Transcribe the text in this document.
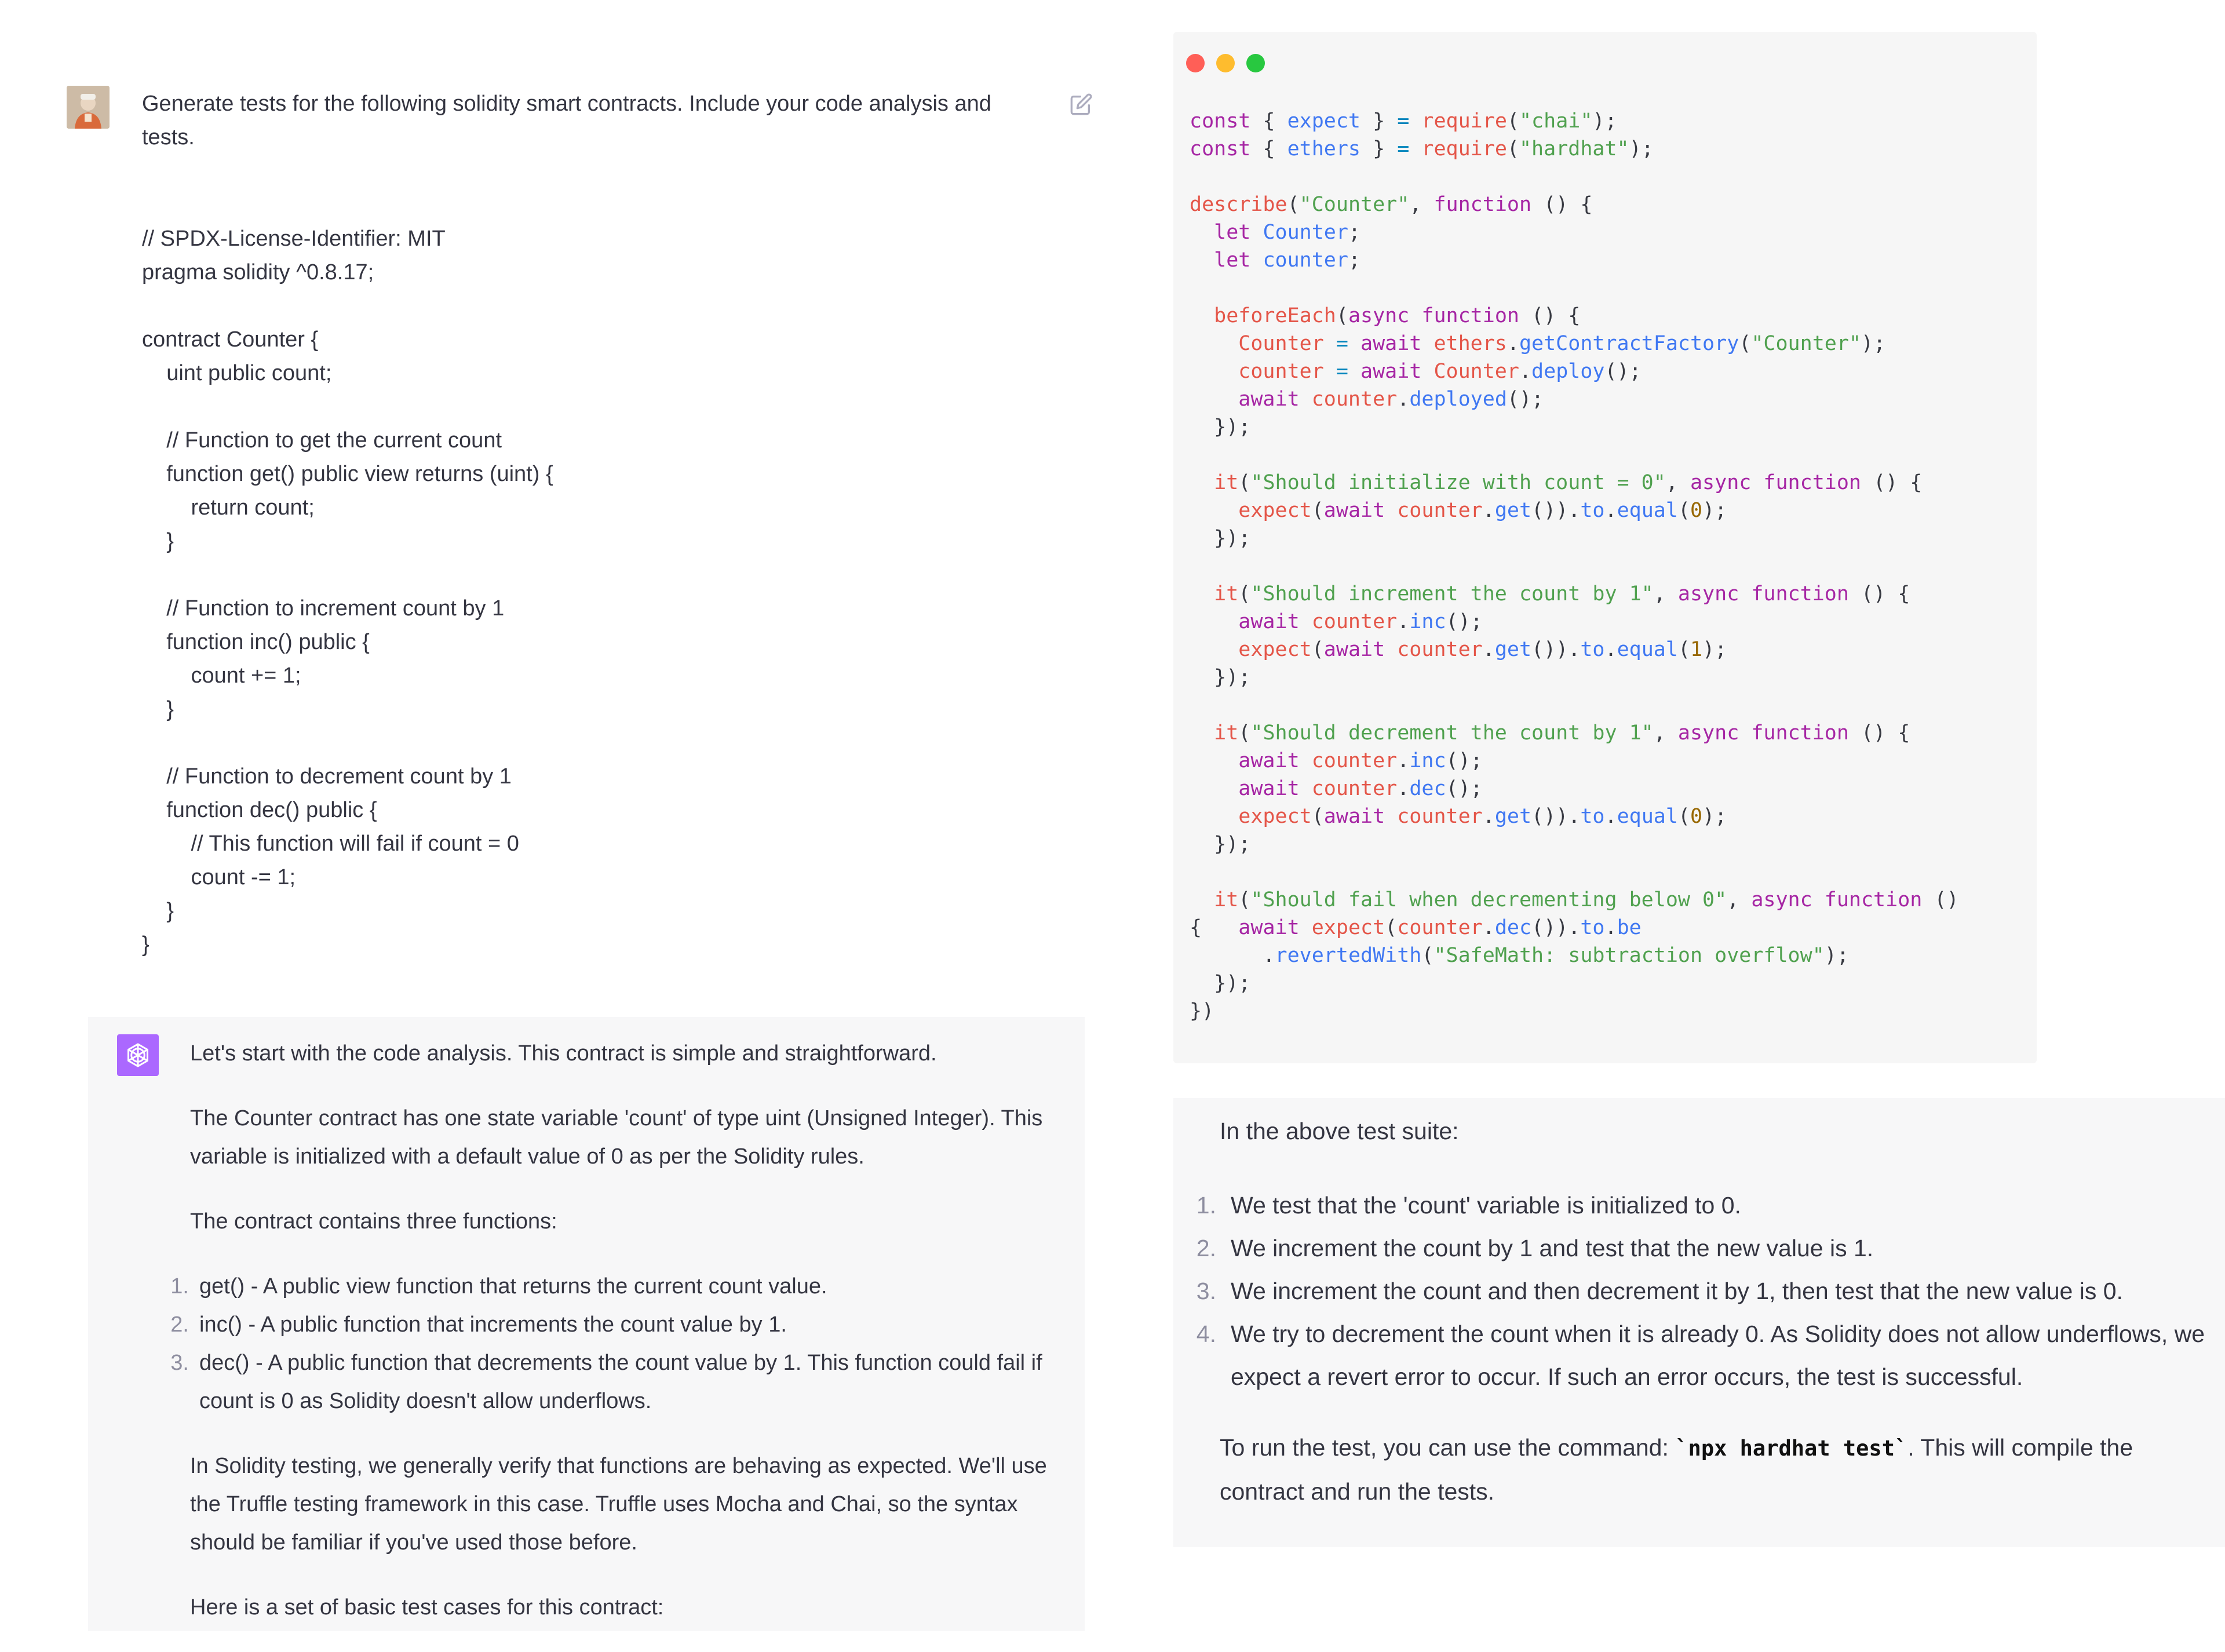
Generate tests for the following solidity smart contracts. Include your code analysis and tests.
// SPDX-License-Identifier: MIT
pragma solidity ^0.8.17;
contract Counter {
uint public count;
// Function to get the current count
function get() public view returns (uint) {
return count;
}
// Function to increment count by 1
function inc() public {
count += 1;
}
// Function to decrement count by 1
function dec() public {
// This function will fail if count = 0
count -= 1;
}
}
Let's start with the code analysis. This contract is simple and straightforward.
The Counter contract has one state variable 'count' of type uint (Unsigned Integer). This variable is initialized with a default value of 0 as per the Solidity rules.
The contract contains three functions:
1. get() - A public view function that returns the current count value.
2. inc() - A public function that increments the count value by 1.
3. dec() - A public function that decrements the count value by 1. This function could fail if count is 0 as Solidity doesn't allow underflows.
In Solidity testing, we generally verify that functions are behaving as expected. We'll use the Truffle testing framework in this case. Truffle uses Mocha and Chai, so the syntax should be familiar if you've used those before.
Here is a set of basic test cases for this contract:
const { expect } = require("chai");
const { ethers } = require("hardhat");
describe("Counter", function () {
let Counter;
let counter;
beforeEach(async function () {
Counter = await ethers.getContractFactory("Counter");
counter = await Counter.deploy();
await counter.deployed();
});
it("Should initialize with count = 0", async function () {
expect(await counter.get()).to.equal(0);
});
it("Should increment the count by 1", async function () {
await counter.inc();
expect(await counter.get()).to.equal(1);
});
it("Should decrement the count by 1", async function () {
await counter.inc();
await counter.dec();
expect(await counter.get()).to.equal(0);
});
it("Should fail when decrementing below 0", async function ()
{   await expect(counter.dec()).to.be
.revertedWith("SafeMath: subtraction overflow");
});
})
In the above test suite:
1. We test that the 'count' variable is initialized to 0.
2. We increment the count by 1 and test that the new value is 1.
3. We increment the count and then decrement it by 1, then test that the new value is 0.
4. We try to decrement the count when it is already 0. As Solidity does not allow underflows, we expect a revert error to occur. If such an error occurs, the test is successful.
To run the test, you can use the command: `npx hardhat test`. This will compile the contract and run the tests.
